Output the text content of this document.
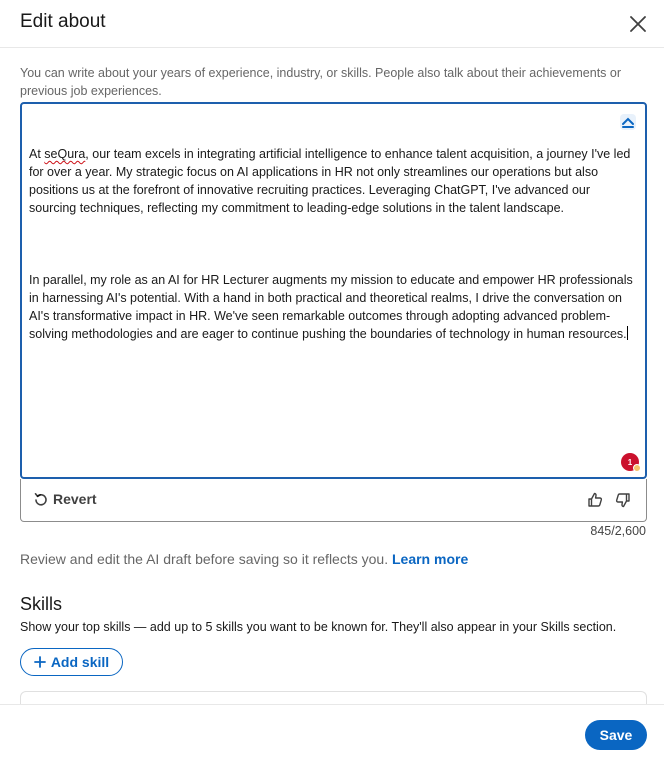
Edit about
You can write about your years of experience, industry, or skills. People also talk about their achievements or previous job experiences.

At seQura, our team excels in integrating artificial intelligence to enhance talent acquisition, a journey I've led for over a year. My strategic focus on AI applications in HR not only streamlines our operations but also positions us at the forefront of innovative recruiting practices. Leveraging ChatGPT, I've advanced our sourcing techniques, reflecting my commitment to leading-edge solutions in the talent landscape.

In parallel, my role as an AI for HR Lecturer augments my mission to educate and empower HR professionals in harnessing AI's potential. With a hand in both practical and theoretical realms, I drive the conversation on AI's transformative impact in HR. We've seen remarkable outcomes through adopting advanced problem-solving methodologies and are eager to continue pushing the boundaries of technology in human resources.

1
Revert
845/2,600
Review and edit the AI draft before saving so it reflects you. Learn more
Skills
Show your top skills — add up to 5 skills you want to be known for. They'll also appear in your Skills section.
Add skill
Save
